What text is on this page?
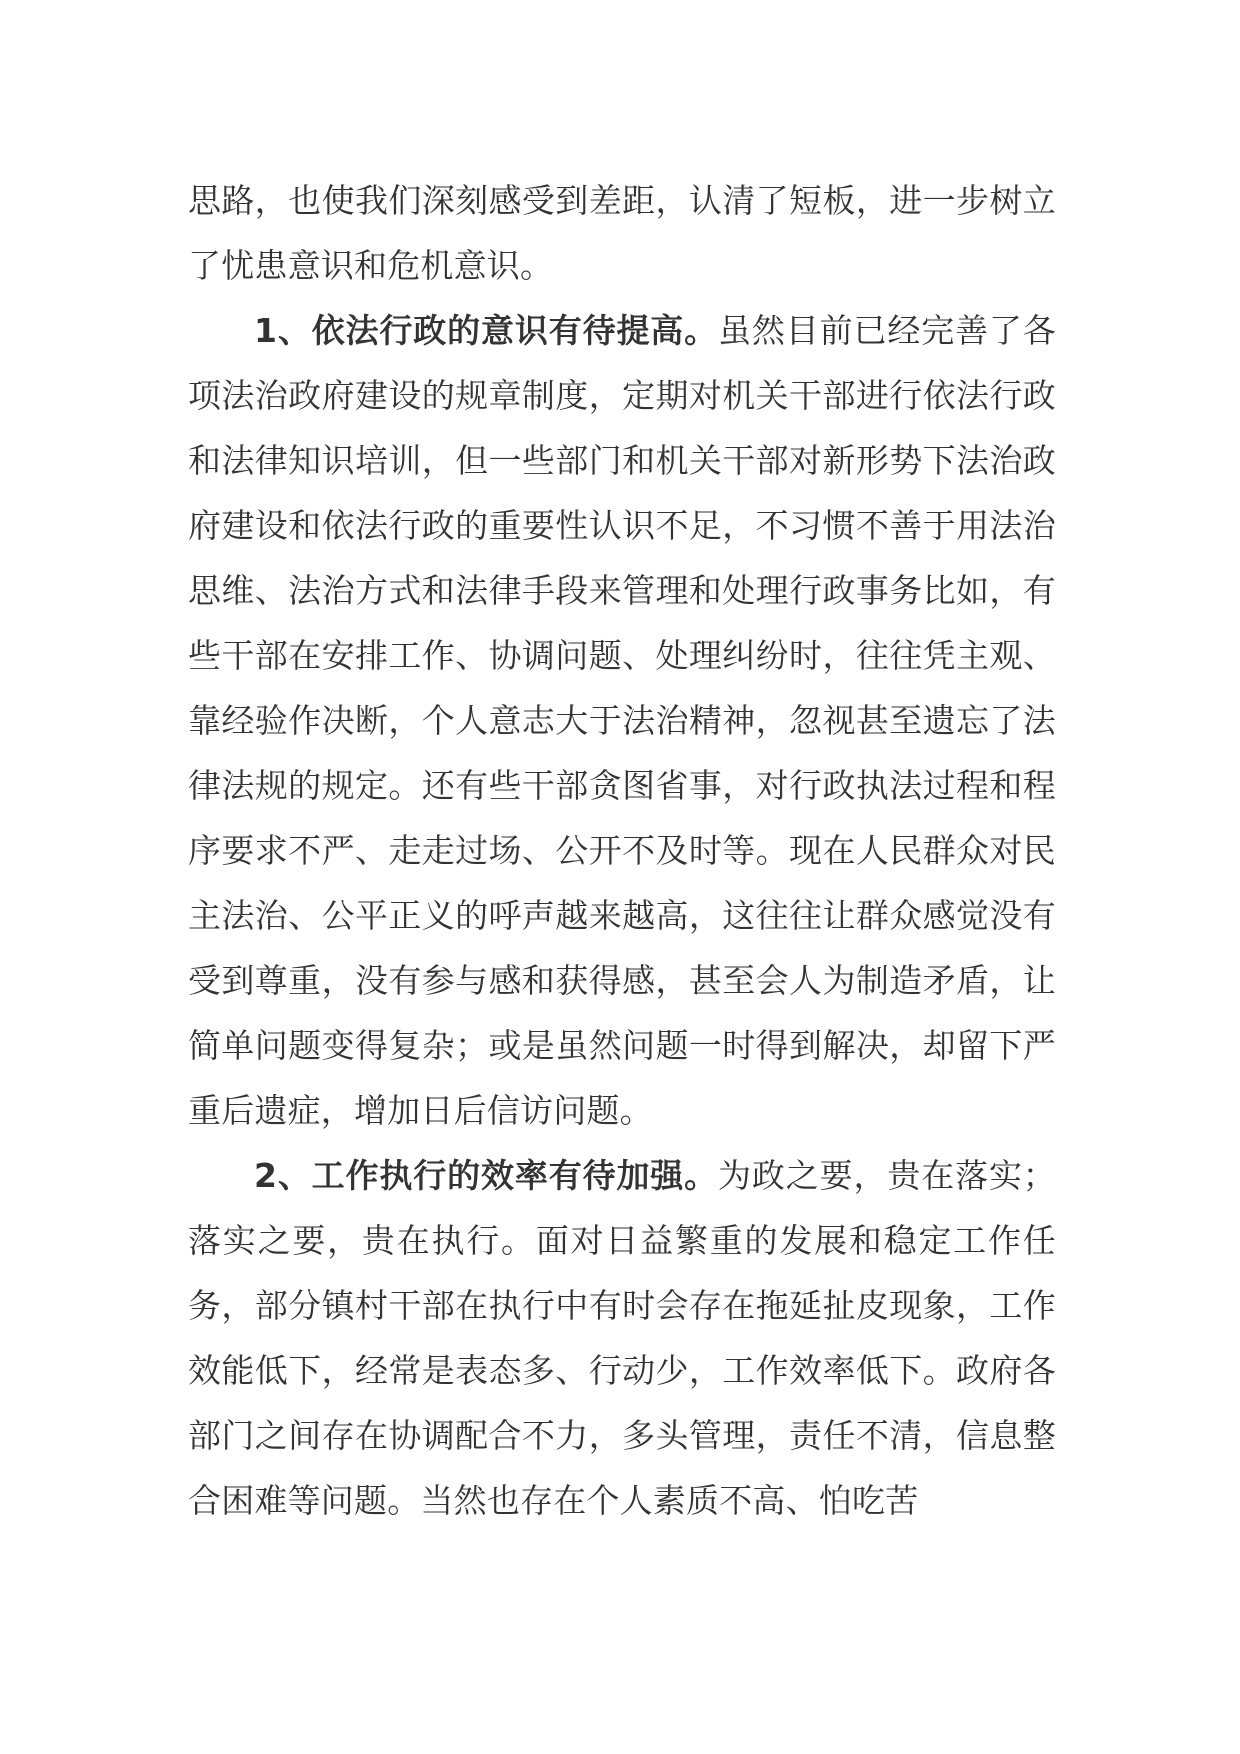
思路，也使我们深刻感受到差距，认清了短板，进一步树立了忧患意识和危机意识。

1、依法行政的意识有待提高。虽然目前已经完善了各项法治政府建设的规章制度，定期对机关干部进行依法行政和法律知识培训，但一些部门和机关干部对新形势下法治政府建设和依法行政的重要性认识不足，不习惯不善于用法治思维、法治方式和法律手段来管理和处理行政事务比如，有些干部在安排工作、协调问题、处理纠纷时，往往凭主观、靠经验作决断，个人意志大于法治精神，忽视甚至遗忘了法律法规的规定。还有些干部贪图省事，对行政执法过程和程序要求不严、走走过场、公开不及时等。现在人民群众对民主法治、公平正义的呼声越来越高，这往往让群众感觉没有受到尊重，没有参与感和获得感，甚至会人为制造矛盾，让简单问题变得复杂；或是虽然问题一时得到解决，却留下严重后遗症，增加日后信访问题。

2、工作执行的效率有待加强。为政之要，贵在落实；落实之要，贵在执行。面对日益繁重的发展和稳定工作任务，部分镇村干部在执行中有时会存在拖延扯皮现象，工作效能低下，经常是表态多、行动少，工作效率低下。政府各部门之间存在协调配合不力，多头管理，责任不清，信息整合困难等问题。当然也存在个人素质不高、怕吃苦
